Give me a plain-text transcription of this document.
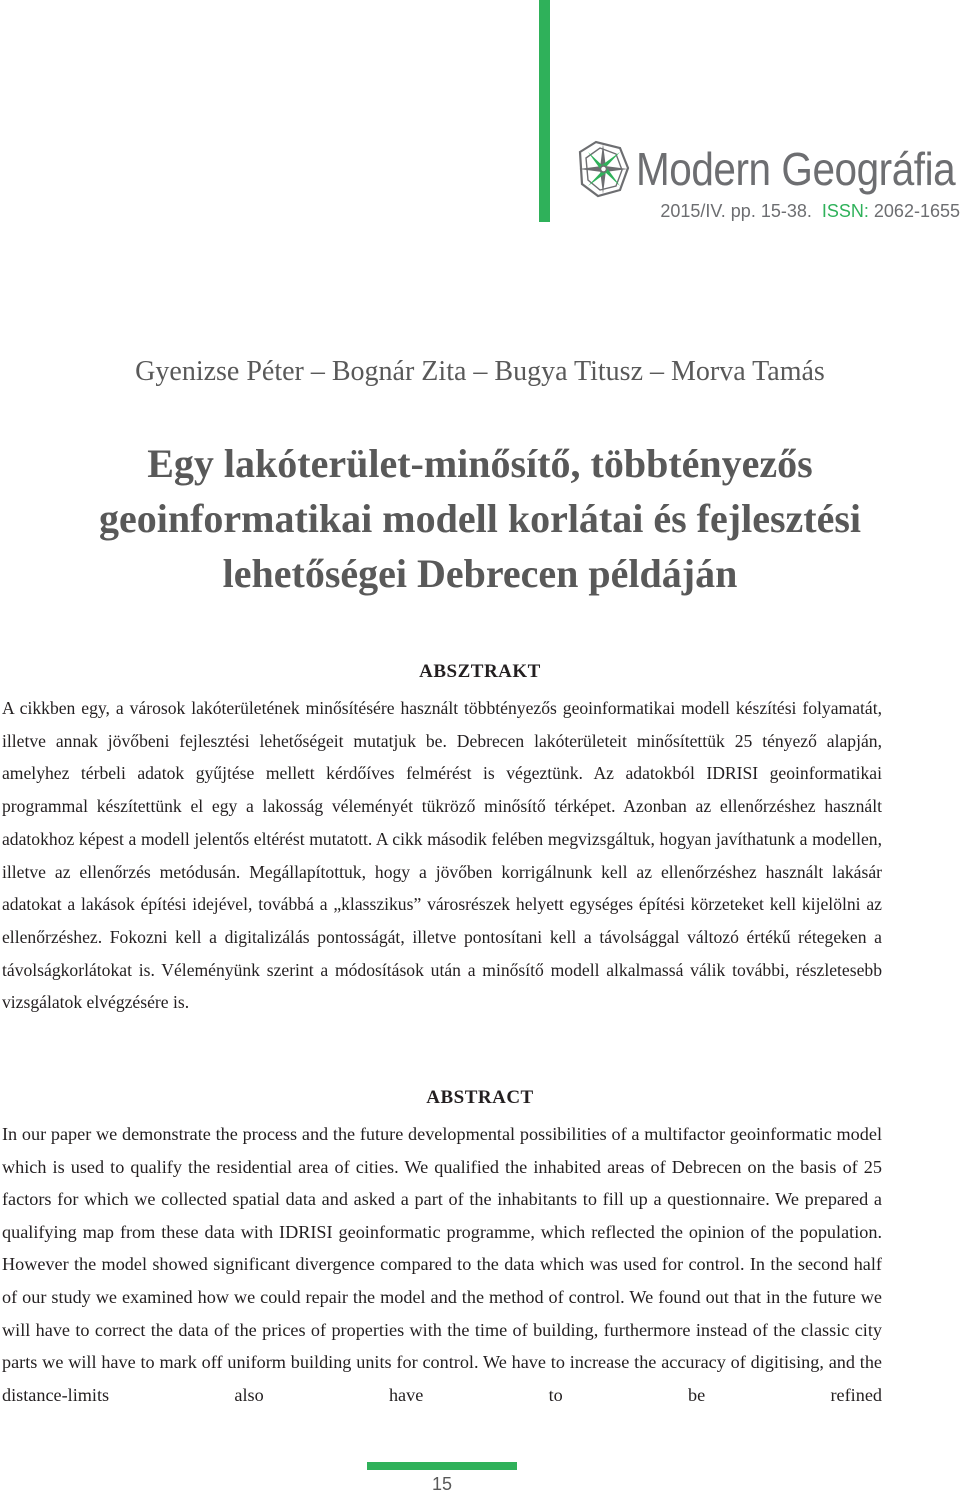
Modern Geográfia
2015/IV. pp. 15-38. ISSN: 2062-1655
Gyenizse Péter – Bognár Zita – Bugya Titusz – Morva Tamás
Egy lakóterület-minősítő, többtényezős geoinformatikai modell korlátai és fejlesztési lehetőségei Debrecen példáján
ABSZTRAKT

A cikkben egy, a városok lakóterületének minősítésére használt többtényezős geoinformatikai modell készítési folyamatát, illetve annak jövőbeni fejlesztési lehetőségeit mutatjuk be. Debrecen lakóterületeit minősítettük 25 tényező alapján, amelyhez térbeli adatok gyűjtése mellett kérdőíves felmérést is végeztünk. Az adatokból IDRISI geoinformatikai programmal készítettünk el egy a lakosság véleményét tükröző minősítő térképet. Azonban az ellenőrzéshez használt adatokhoz képest a modell jelentős eltérést mutatott. A cikk második felében megvizsgáltuk, hogyan javíthatunk a modellen, illetve az ellenőrzés metódusán. Megállapítottuk, hogy a jövőben korrigálnunk kell az ellenőrzéshez használt lakásár adatokat a lakások építési idejével, továbbá a „klasszikus” városrészek helyett egységes építési körzeteket kell kijelölni az ellenőrzéshez. Fokozni kell a digitalizálás pontosságát, illetve pontosítani kell a távolsággal változó értékű rétegeken a távolságkorlátokat is. Véleményünk szerint a módosítások után a minősítő modell alkalmassá válik további, részletesebb vizsgálatok elvégzésére is.

ABSTRACT

In our paper we demonstrate the process and the future developmental possibilities of a multifactor geoinformatic model which is used to qualify the residential area of cities. We qualified the inhabited areas of Debrecen on the basis of 25 factors for which we collected spatial data and asked a part of the inhabitants to fill up a questionnaire. We prepared a qualifying map from these data with IDRISI geoinformatic programme, which reflected the opinion of the population. However the model showed significant divergence compared to the data which was used for control. In the second half of our study we examined how we could repair the model and the method of control. We found out that in the future we will have to correct the data of the prices of properties with the time of building, furthermore instead of the classic city parts we will have to mark off uniform building units for control. We have to increase the accuracy of digitising, and the distance-limits also have to be refined

15
